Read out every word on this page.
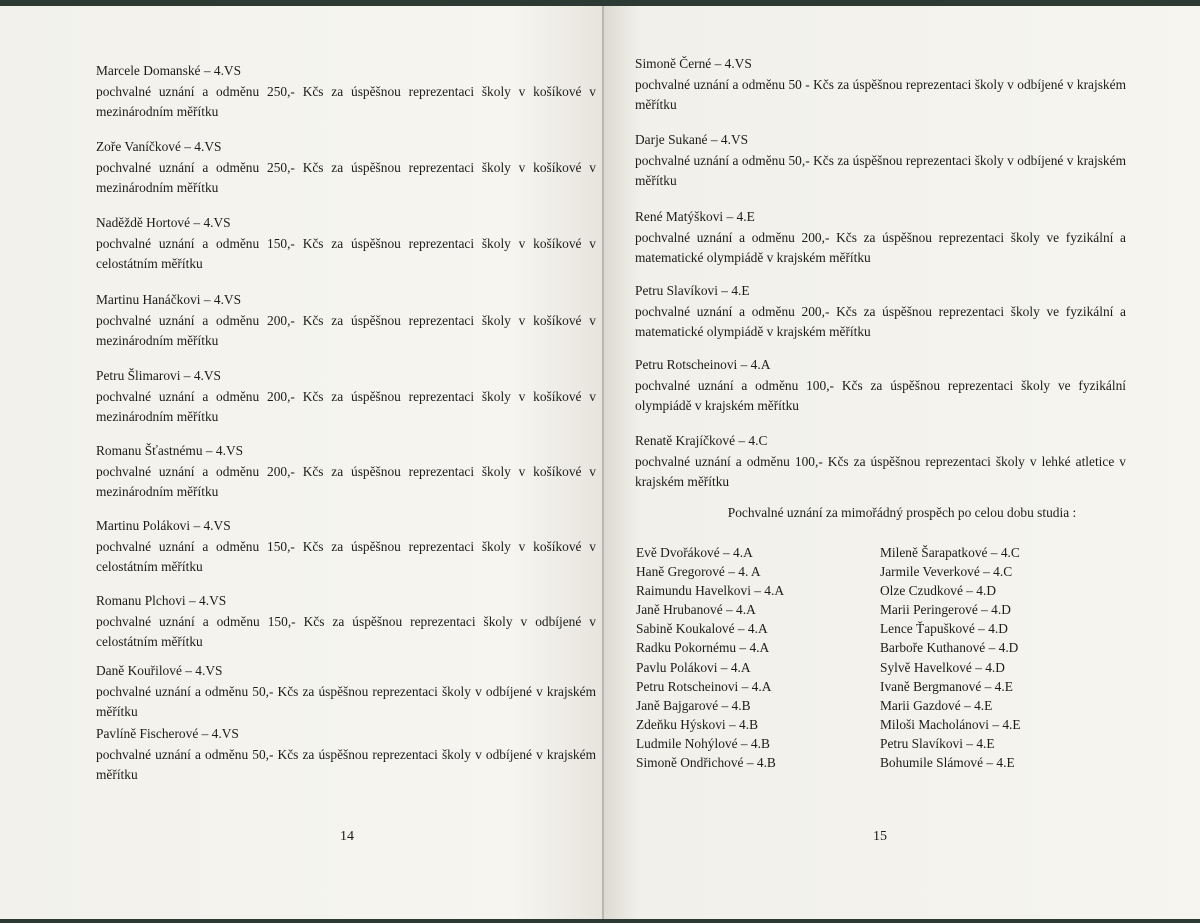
Marcele Domanské – 4.VS
pochvalné uznání a odměnu 250,- Kčs za úspěšnou reprezentaci školy v košíkové v mezinárodním měřítku
Zoře Vaníčkové – 4.VS
pochvalné uznání a odměnu 250,- Kčs za úspěšnou reprezentaci školy v košíkové v mezinárodním měřítku
Naděždě Hortové – 4.VS
pochvalné uznání a odměnu 150,- Kčs za úspěšnou reprezentaci školy v košíkové v celostátním měřítku
Martinu Hanáčkovi – 4.VS
pochvalné uznání a odměnu 200,- Kčs za úspěšnou reprezentaci školy v košíkové v mezinárodním měřítku
Petru Šlimarovi – 4.VS
pochvalné uznání a odměnu 200,- Kčs za úspěšnou reprezentaci školy v košíkové v mezinárodním měřítku
Romanu Šťastnému – 4.VS
pochvalné uznání a odměnu 200,- Kčs za úspěšnou reprezentaci školy v košíkové v mezinárodním měřítku
Martinu Polákovi – 4.VS
pochvalné uznání a odměnu 150,- Kčs za úspěšnou reprezentaci školy v košíkové v celostátním měřítku
Romanu Plchovi – 4.VS
pochvalné uznání a odměnu 150,- Kčs za úspěšnou reprezentaci školy v odbíjené v celostátním měřítku
Daně Kouřilové – 4.VS
pochvalné uznání a odměnu 50,- Kčs za úspěšnou reprezentaci školy v odbíjené v krajském měřítku
Pavlíně Fischerové – 4.VS
pochvalné uznání a odměnu 50,- Kčs za úspěšnou reprezentaci školy v odbíjené v krajském měřítku
14
Simoně Černé – 4.VS
pochvalné uznání a odměnu 50 - Kčs za úspěšnou reprezentaci školy v odbíjené v krajském měřítku
Darje Sukané – 4.VS
pochvalné uznání a odměnu 50,- Kčs za úspěšnou reprezentaci školy v odbíjené v krajském měřítku
René Matýškovi – 4.E
pochvalné uznání a odměnu 200,- Kčs za úspěšnou reprezentaci školy ve fyzikální a matematické olympiádě v krajském měřítku
Petru Slavíkovi – 4.E
pochvalné uznání a odměnu 200,- Kčs za úspěšnou reprezentaci školy ve fyzikální a matematické olympiádě v krajském měřítku
Petru Rotscheinovi – 4.A
pochvalné uznání a odměnu 100,- Kčs za úspěšnou reprezentaci školy ve fyzikální olympiádě v krajském měřítku
Renatě Krajíčkové – 4.C
pochvalné uznání a odměnu 100,- Kčs za úspěšnou reprezentaci školy v lehké atletice v krajském měřítku
Pochvalné uznání za mimořádný prospěch po celou dobu studia :
Evě Dvořákové – 4.A
Haně Gregorové – 4. A
Raimundu Havelkovi – 4.A
Janě Hrubanové – 4.A
Sabině Koukalové – 4.A
Radku Pokornému – 4.A
Pavlu Polákovi – 4.A
Petru Rotscheinovi – 4.A
Janě Bajgarové – 4.B
Zdeňku Hýskovi – 4.B
Ludmile Nohýlové – 4.B
Simoně Ondřichové – 4.B
Mileně Šarapatkové – 4.C
Jarmile Veverkové – 4.C
Olze Czudkové – 4.D
Marii Peringerové – 4.D
Lence Ťapuškové – 4.D
Barboře Kuthanové – 4.D
Sylvě Havelkové – 4.D
Ivaně Bergmanové – 4.E
Marii Gazdové – 4.E
Miloši Macholánovi – 4.E
Petru Slavíkovi – 4.E
Bohumile Slámové – 4.E
15
